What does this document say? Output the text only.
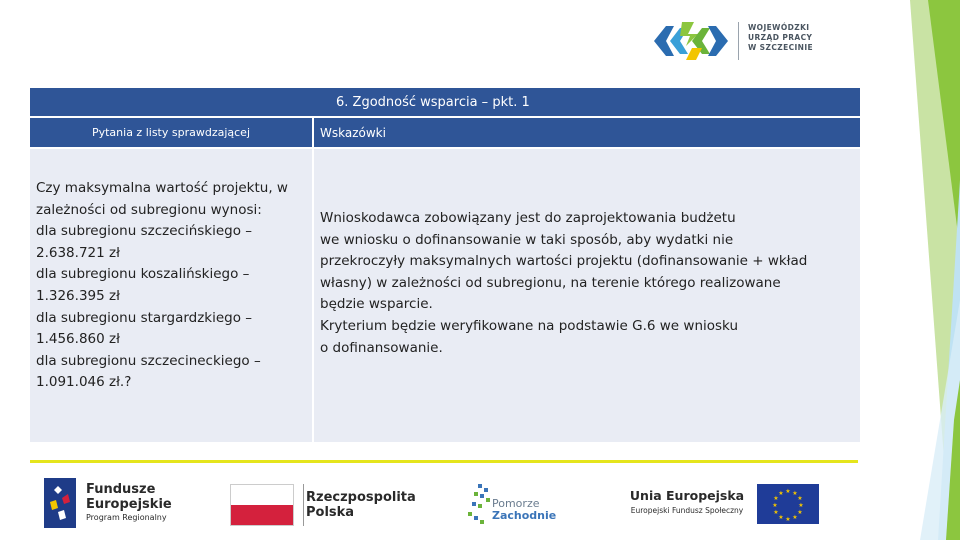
WOJEWÓDZKI
URZĄD PRACY
W SZCZECINIE
6. Zgodność wsparcia – pkt. 1
Pytania z listy sprawdzającej	Wskazówki
Czy maksymalna wartość projektu, w
zależności od subregionu wynosi:
dla subregionu szczecińskiego –
2.638.721 zł
dla subregionu koszalińskiego –
1.326.395 zł
dla subregionu stargardzkiego –
1.456.860 zł
dla subregionu szczecineckiego –
1.091.046 zł.?
Wnioskodawca zobowiązany jest do zaprojektowania budżetu
we wniosku o dofinansowanie w taki sposób, aby wydatki nie
przekroczyły maksymalnych wartości projektu (dofinansowanie + wkład
własny) w zależności od subregionu, na terenie którego realizowane
będzie wsparcie.
Kryterium będzie weryfikowane na podstawie G.6 we wniosku
o dofinansowanie.
Fundusze
Europejskie
Program Regionalny
Rzeczpospolita
Polska
Pomorze
Zachodnie
Unia Europejska
Europejski Fundusz Społeczny
★ ★
★
★
★
★
★
★
★
★
★
★
